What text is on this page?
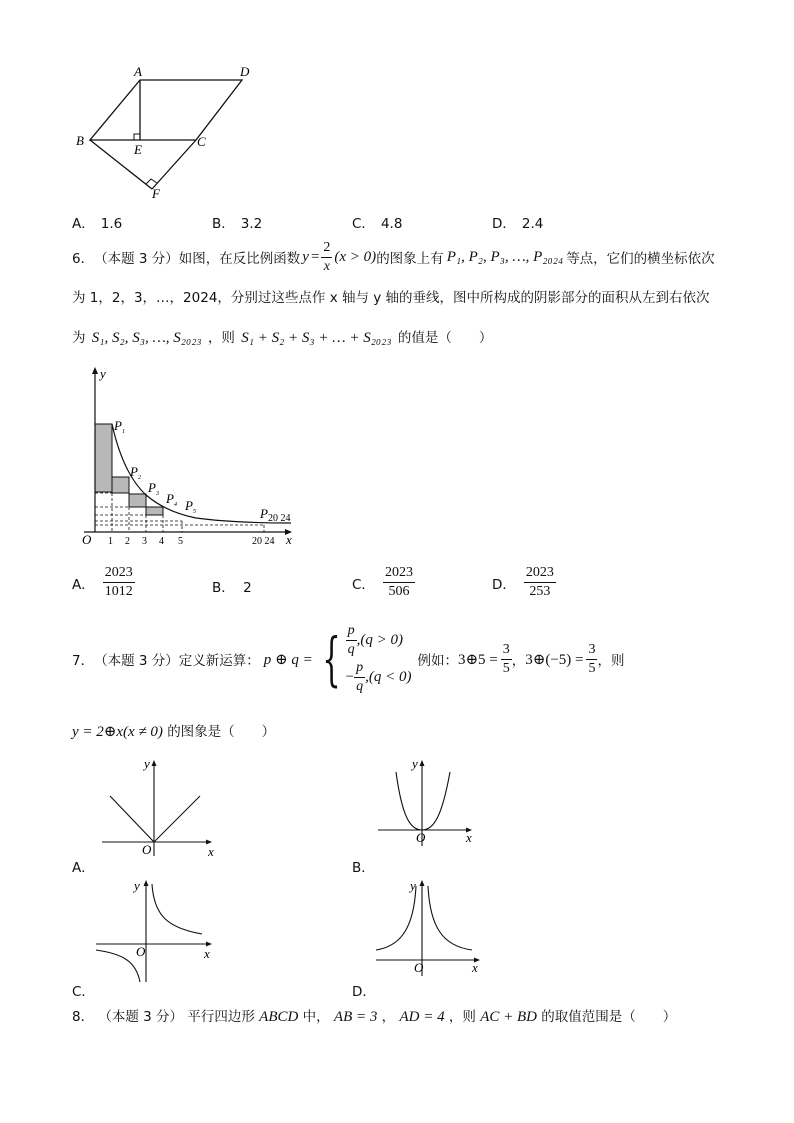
A	D
B	C
E
F
A． 1.6	B． 3.2	C． 4.8	D． 2.4
6． （本题 3 分） 如图，在反比例函数 $y = \frac{2}{x} (x > 0)$ 的图象上有 P₁, P₂, P₃, …, P₂₀₂₄ 等点，它们的横坐标依次
为 1，2，3，…，2024，分别过这些点作 x 轴与 y 轴的垂线，图中所构成的阴影部分的面积从左到右依次
为 S₁, S₂, S₃, …, S₂₀₂₃ ，则 S₁ + S₂ + S₃ + … + S₂₀₂₃ 的值是（　　）
y
x
O 1 2 3 4 5	20 24
$P_1$
$P_2$
$P_3$ $P_4$ $P_5$	$P_{20 24}$
A． $\frac{2023}{1012}$	B． 2	C． $\frac{2023}{506}$	D． $\frac{2023}{253}$
7． （本题 3 分） 定义新运算： p ⊕ q = { $\frac{p}{q} ,(q > 0)$
− $\frac{p}{q} ,(q < 0)$
例如： 3⊕5 = $\frac{3}{5}$ ， 3⊕(−5) = $\frac{3}{5}$ ，则
y = 2⊕x(x ≠ 0) 的图象是（　　）
y
x
O
A．
y
x
O
B．
y
x
O
C．
y
x
O
D．
8． （本题 3 分） 平行四边形 ABCD 中， AB = 3 ， AD = 4 ，则 AC + BD 的取值范围是（　　）
